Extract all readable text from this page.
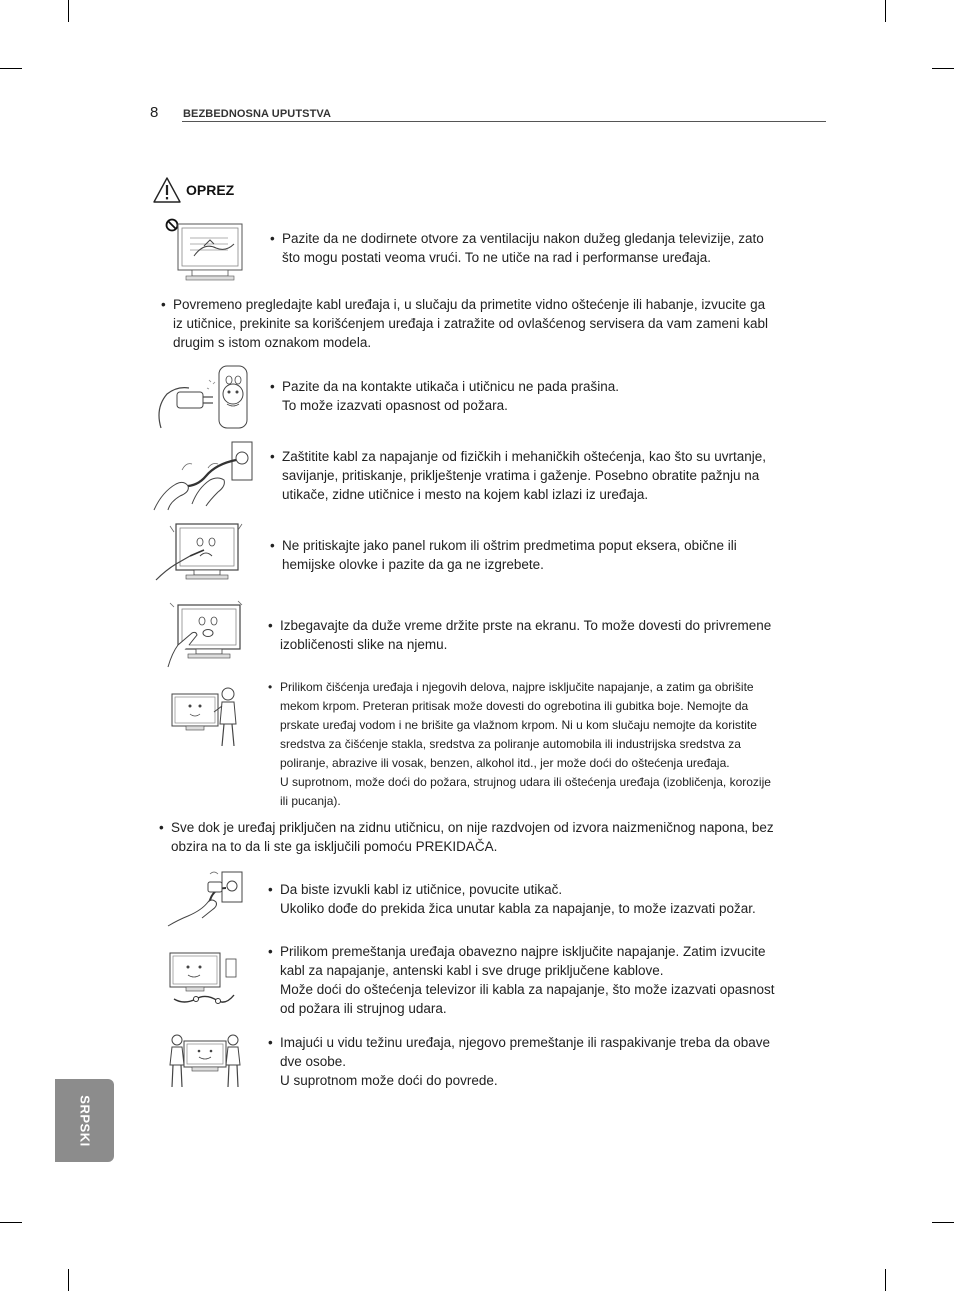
8 BEZBEDNOSNA UPUTSTVA
OPREZ
• Pazite da ne dodirnete otvore za ventilaciju nakon dužeg gledanja televizije, zato
što mogu postati veoma vrući. To ne utiče na rad i performanse uređaja.
• Povremeno pregledajte kabl uređaja i, u slučaju da primetite vidno oštećenje ili habanje, izvucite ga
iz utičnice, prekinite sa korišćenjem uređaja i zatražite od ovlašćenog servisera da vam zameni kabl
drugim s istom oznakom modela.
• Pazite da na kontakte utikača i utičnicu ne pada prašina.
To može izazvati opasnost od požara.
• Zaštitite kabl za napajanje od fizičkih i mehaničkih oštećenja, kao što su uvrtanje,
savijanje, pritiskanje, priklještenje vratima i gaženje. Posebno obratite pažnju na
utikače, zidne utičnice i mesto na kojem kabl izlazi iz uređaja.
• Ne pritiskajte jako panel rukom ili oštrim predmetima poput eksera, obične ili
hemijske olovke i pazite da ga ne izgrebete.
• Izbegavajte da duže vreme držite prste na ekranu. To može dovesti do privremene
izobličenosti slike na njemu.
• Prilikom čišćenja uređaja i njegovih delova, najpre isključite napajanje, a zatim ga obrišite
mekom krpom. Preteran pritisak može dovesti do ogrebotina ili gubitka boje. Nemojte da
prskate uređaj vodom i ne brišite ga vlažnom krpom. Ni u kom slučaju nemojte da koristite
sredstva za čišćenje stakla, sredstva za poliranje automobila ili industrijska sredstva za
poliranje, abrazive ili vosak, benzen, alkohol itd., jer može doći do oštećenja uređaja.
U suprotnom, može doći do požara, strujnog udara ili oštećenja uređaja (izobličenja, korozije
ili pucanja).
• Sve dok je uređaj priključen na zidnu utičnicu, on nije razdvojen od izvora naizmeničnog napona, bez
obzira na to da li ste ga isključili pomoću PREKIDAČA.
• Da biste izvukli kabl iz utičnice, povucite utikač.
Ukoliko dođe do prekida žica unutar kabla za napajanje, to može izazvati požar.
• Prilikom premeštanja uređaja obavezno najpre isključite napajanje. Zatim izvucite
kabl za napajanje, antenski kabl i sve druge priključene kablove.
Može doći do oštećenja televizor ili kabla za napajanje, što može izazvati opasnost
od požara ili strujnog udara.
• Imajući u vidu težinu uređaja, njegovo premeštanje ili raspakivanje treba da obave
dve osobe.
U suprotnom može doći do povrede.
SRPSKI
